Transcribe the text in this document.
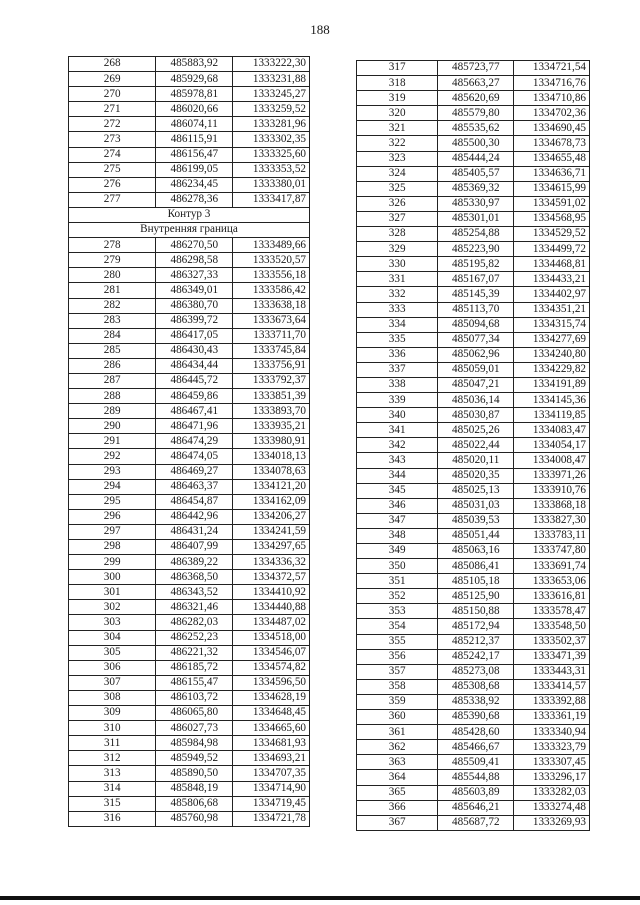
188
268	485883,92	1333222,30
269	485929,68	1333231,88
270	485978,81	1333245,27
271	486020,66	1333259,52
272	486074,11	1333281,96
273	486115,91	1333302,35
274	486156,47	1333325,60
275	486199,05	1333353,52
276	486234,45	1333380,01
277	486278,36	1333417,87
Контур 3		
Внутренняя граница		
278	486270,50	1333489,66
279	486298,58	1333520,57
280	486327,33	1333556,18
281	486349,01	1333586,42
282	486380,70	1333638,18
283	486399,72	1333673,64
284	486417,05	1333711,70
285	486430,43	1333745,84
286	486434,44	1333756,91
287	486445,72	1333792,37
288	486459,86	1333851,39
289	486467,41	1333893,70
290	486471,96	1333935,21
291	486474,29	1333980,91
292	486474,05	1334018,13
293	486469,27	1334078,63
294	486463,37	1334121,20
295	486454,87	1334162,09
296	486442,96	1334206,27
297	486431,24	1334241,59
298	486407,99	1334297,65
299	486389,22	1334336,32
300	486368,50	1334372,57
301	486343,52	1334410,92
302	486321,46	1334440,88
303	486282,03	1334487,02
304	486252,23	1334518,00
305	486221,32	1334546,07
306	486185,72	1334574,82
307	486155,47	1334596,50
308	486103,72	1334628,19
309	486065,80	1334648,45
310	486027,73	1334665,60
311	485984,98	1334681,93
312	485949,52	1334693,21
313	485890,50	1334707,35
314	485848,19	1334714,90
315	485806,68	1334719,45
316	485760,98	1334721,78
317	485723,77	1334721,54
318	485663,27	1334716,76
319	485620,69	1334710,86
320	485579,80	1334702,36
321	485535,62	1334690,45
322	485500,30	1334678,73
323	485444,24	1334655,48
324	485405,57	1334636,71
325	485369,32	1334615,99
326	485330,97	1334591,02
327	485301,01	1334568,95
328	485254,88	1334529,52
329	485223,90	1334499,72
330	485195,82	1334468,81
331	485167,07	1334433,21
332	485145,39	1334402,97
333	485113,70	1334351,21
334	485094,68	1334315,74
335	485077,34	1334277,69
336	485062,96	1334240,80
337	485059,01	1334229,82
338	485047,21	1334191,89
339	485036,14	1334145,36
340	485030,87	1334119,85
341	485025,26	1334083,47
342	485022,44	1334054,17
343	485020,11	1334008,47
344	485020,35	1333971,26
345	485025,13	1333910,76
346	485031,03	1333868,18
347	485039,53	1333827,30
348	485051,44	1333783,11
349	485063,16	1333747,80
350	485086,41	1333691,74
351	485105,18	1333653,06
352	485125,90	1333616,81
353	485150,88	1333578,47
354	485172,94	1333548,50
355	485212,37	1333502,37
356	485242,17	1333471,39
357	485273,08	1333443,31
358	485308,68	1333414,57
359	485338,92	1333392,88
360	485390,68	1333361,19
361	485428,60	1333340,94
362	485466,67	1333323,79
363	485509,41	1333307,45
364	485544,88	1333296,17
365	485603,89	1333282,03
366	485646,21	1333274,48
367	485687,72	1333269,93
